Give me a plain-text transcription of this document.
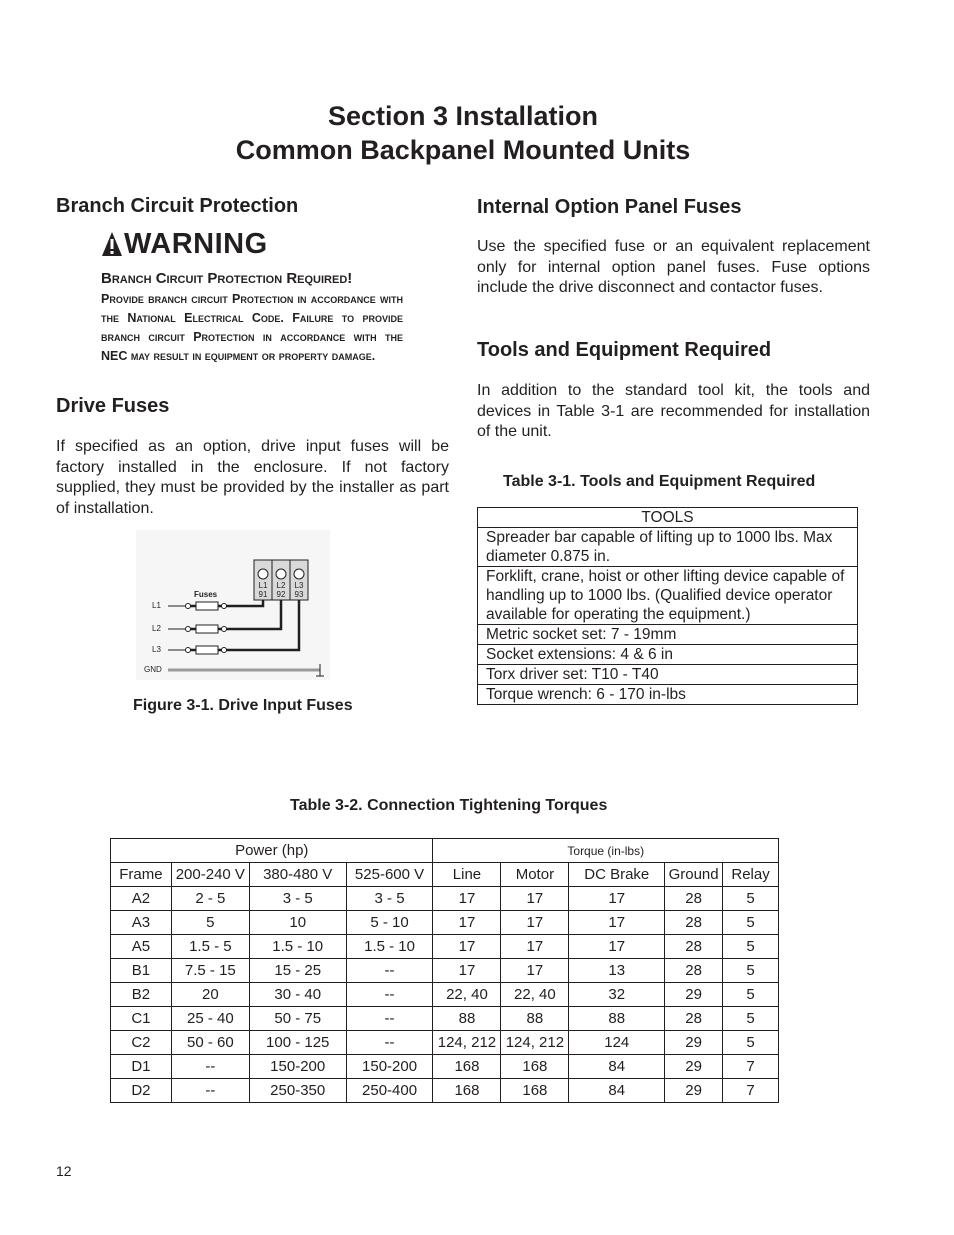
Section 3 Installation
Common Backpanel Mounted Units
Branch Circuit Protection
WARNING
Branch Circuit Protection Required!
Provide branch circuit Protection in accordance with the National Electrical Code. Failure to provide branch circuit Protection in accordance with the NEC may result in equipment or property damage.
Drive Fuses

If specified as an option, drive input fuses will be factory installed in the enclosure. If not factory supplied, they must be provided by the installer as part of installation.

Fuses
L1
L2
L3
GND
L1
91
L2
92
L3
93
Figure 3-1. Drive Input Fuses
Internal Option Panel Fuses

Use the specified fuse or an equivalent replacement only for internal option panel fuses. Fuse options include the drive disconnect and contactor fuses.

Tools and Equipment Required

In addition to the standard tool kit, the tools and devices in Table 3-1 are recommended for installation of the unit.

Table 3-1. Tools and Equipment Required
TOOLS
Spreader bar capable of lifting up to 1000 lbs. Max diameter 0.875 in.
Forklift, crane, hoist or other lifting device capable of handling up to 1000 lbs. (Qualified device operator available for operating the equipment.)
Metric socket set: 7 - 19mm
Socket extensions: 4 & 6 in
Torx driver set: T10 - T40
Torque wrench: 6 - 170 in-lbs
Table 3-2. Connection Tightening Torques
Power (hp)				Torque (in-lbs)				
Frame	200-240 V	380-480 V	525-600 V	Line	Motor	DC Brake	Ground	Relay
A2	2 - 5	3 - 5	3 - 5	17	17	17	28	5
A3	5	10	5 - 10	17	17	17	28	5
A5	1.5 - 5	1.5 - 10	1.5 - 10	17	17	17	28	5
B1	7.5 - 15	15 - 25	--	17	17	13	28	5
B2	20	30 - 40	--	22, 40	22, 40	32	29	5
C1	25 - 40	50 - 75	--	88	88	88	28	5
C2	50 - 60	100 - 125	--	124, 212	124, 212	124	29	5
D1	--	150-200	150-200	168	168	84	29	7
D2	--	250-350	250-400	168	168	84	29	7
12
